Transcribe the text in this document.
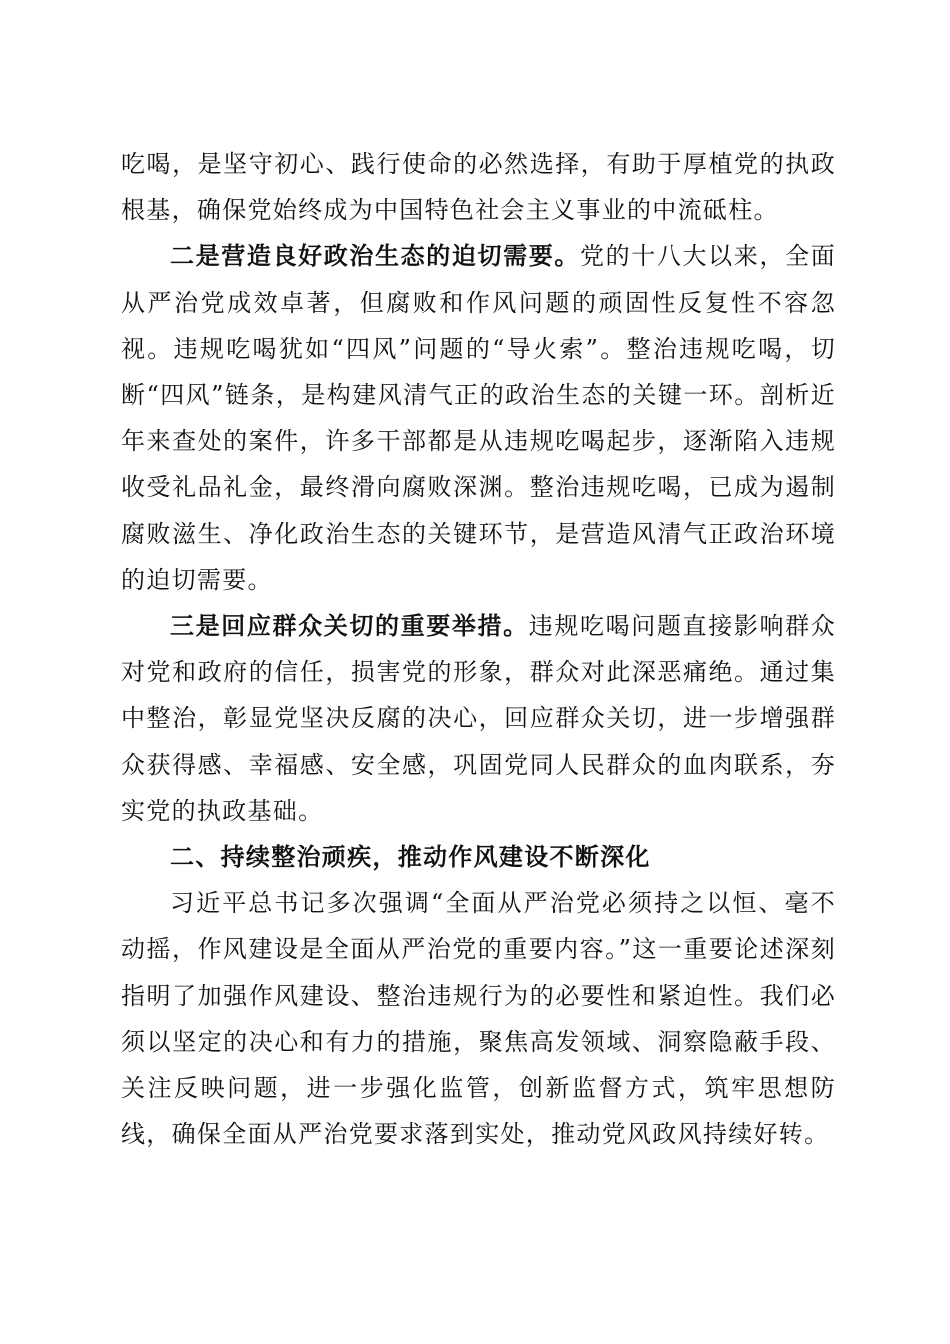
吃喝，是坚守初心、践行使命的必然选择，有助于厚植党的执政根基，确保党始终成为中国特色社会主义事业的中流砥柱。

二是营造良好政治生态的迫切需要。党的十八大以来，全面从严治党成效卓著，但腐败和作风问题的顽固性反复性不容忽视。违规吃喝犹如“四风”问题的“导火索”。整治违规吃喝，切断“四风”链条，是构建风清气正的政治生态的关键一环。剖析近年来查处的案件，许多干部都是从违规吃喝起步，逐渐陷入违规收受礼品礼金，最终滑向腐败深渊。整治违规吃喝，已成为遏制腐败滋生、净化政治生态的关键环节，是营造风清气正政治环境的迫切需要。

三是回应群众关切的重要举措。违规吃喝问题直接影响群众对党和政府的信任，损害党的形象，群众对此深恶痛绝。通过集中整治，彰显党坚决反腐的决心，回应群众关切，进一步增强群众获得感、幸福感、安全感，巩固党同人民群众的血肉联系，夯实党的执政基础。

二、持续整治顽疾，推动作风建设不断深化

习近平总书记多次强调“全面从严治党必须持之以恒、毫不动摇，作风建设是全面从严治党的重要内容。”这一重要论述深刻指明了加强作风建设、整治违规行为的必要性和紧迫性。我们必须以坚定的决心和有力的措施，聚焦高发领域、洞察隐蔽手段、关注反映问题，进一步强化监管，创新监督方式，筑牢思想防线，确保全面从严治党要求落到实处，推动党风政风持续好转。
